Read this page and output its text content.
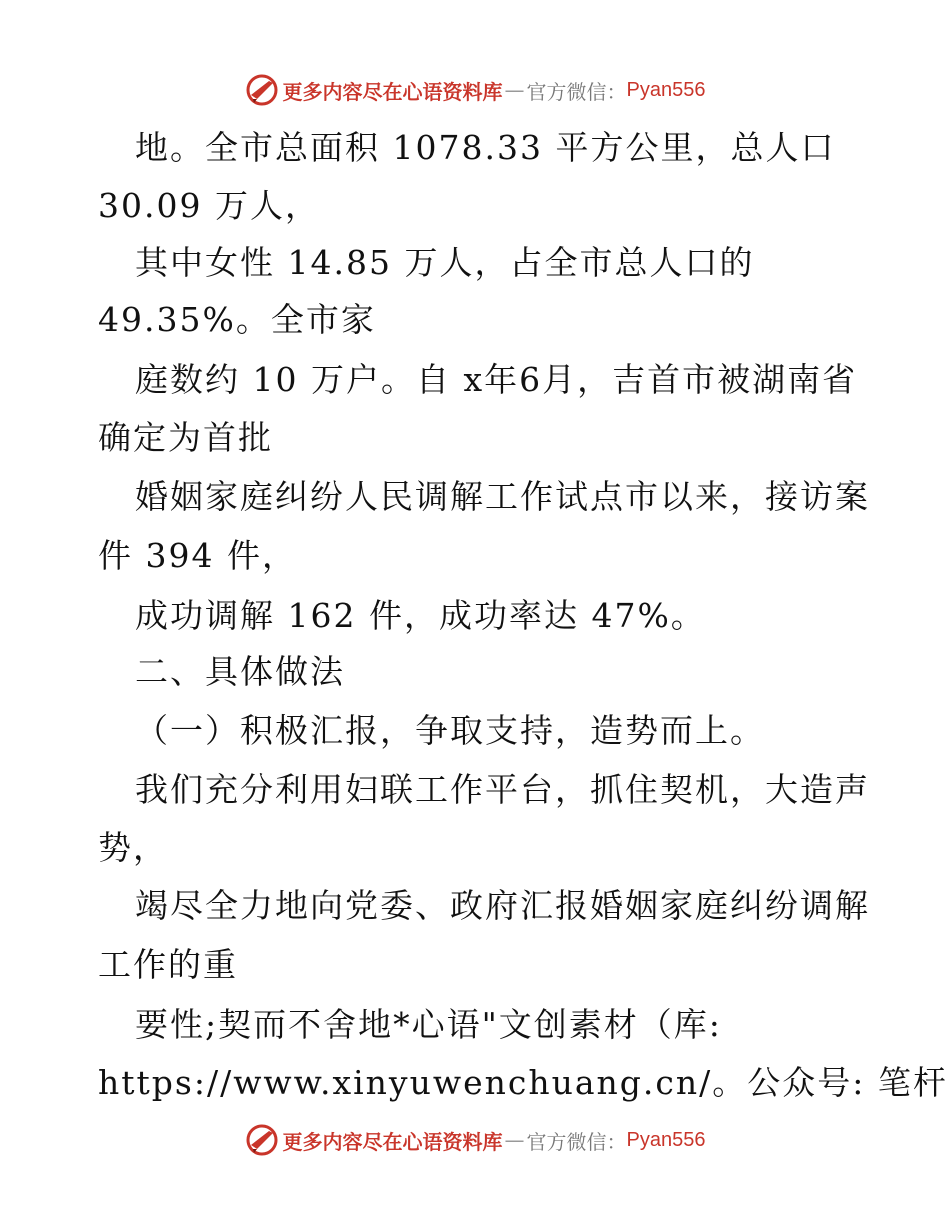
更多内容尽在心语资料库 — 官方微信： Pyan556
地。全市总面积 1078.33 平方公里，总人口
30.09 万人，
其中女性 14.85 万人，占全市总人口的
49.35%。全市家
庭数约 10 万户。自 x年6月，吉首市被湖南省
确定为首批
婚姻家庭纠纷人民调解工作试点市以来，接访案
件 394 件，
成功调解 162 件，成功率达 47%。
二、具体做法
（一）积极汇报，争取支持，造势而上。
我们充分利用妇联工作平台，抓住契机，大造声
势，
竭尽全力地向党委、政府汇报婚姻家庭纠纷调解
工作的重
要性;契而不舍地*心语"文创素材（库:
https://www.xinyuwenchuang.cn/。公众号: 笔杆
更多内容尽在心语资料库 — 官方微信： Pyan556
